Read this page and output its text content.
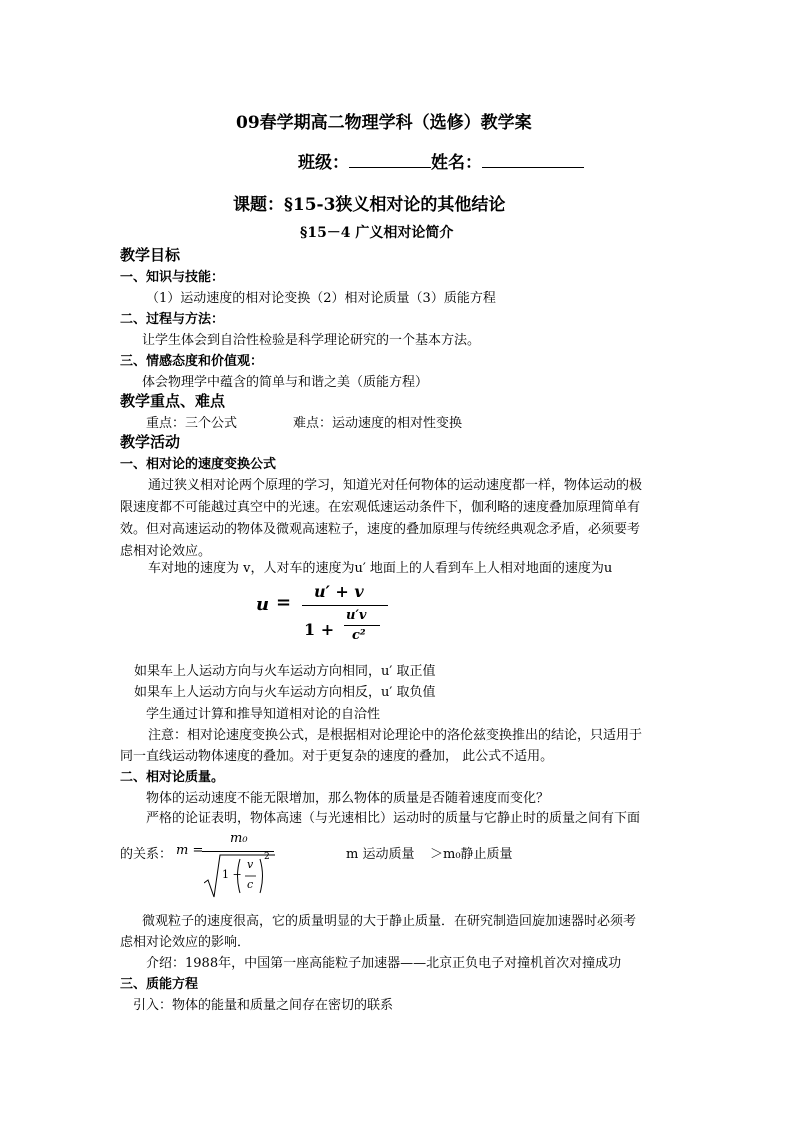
09春学期高二物理学科（选修）教学案
班级：	姓名：
课题：§15-3狭义相对论的其他结论
§15－4 广义相对论简介
教学目标
一、知识与技能：
（1）运动速度的相对论变换（2）相对论质量（3）质能方程
二、过程与方法：
让学生体会到自洽性检验是科学理论研究的一个基本方法。
三、情感态度和价值观：
体会物理学中蕴含的简单与和谐之美（质能方程）
教学重点、难点
重点：三个公式	难点：运动速度的相对性变换
教学活动
一、相对论的速度变换公式
通过狭义相对论两个原理的学习，知道光对任何物体的运动速度都一样，物体运动的极
限速度都不可能越过真空中的光速。在宏观低速运动条件下，伽利略的速度叠加原理简单有
效。但对高速运动的物体及微观高速粒子，速度的叠加原理与传统经典观念矛盾，必须要考
虑相对论效应。
车对地的速度为 v，人对车的速度为u′ 地面上的人看到车上人相对地面的速度为u
u =
u′ + v
1 +
u′v
c²
如果车上人运动方向与火车运动方向相同，u′ 取正值
如果车上人运动方向与火车运动方向相反，u′ 取负值
学生通过计算和推导知道相对论的自洽性
注意：相对论速度变换公式，是根据相对论理论中的洛伦兹变换推出的结论，只适用于
同一直线运动物体速度的叠加。对于更复杂的速度的叠加， 此公式不适用。
二、相对论质量。
物体的运动速度不能无限增加，那么物体的质量是否随着速度而变化？
严格的论证表明，物体高速（与光速相比）运动时的质量与它静止时的质量之间有下面
的关系： m =
m₀
1 −
v
c
2	m 运动质量 ＞m₀静止质量
微观粒子的速度很高，它的质量明显的大于静止质量．在研究制造回旋加速器时必须考
虑相对论效应的影响．
介绍：1988年，中国第一座高能粒子加速器——北京正负电子对撞机首次对撞成功
三、质能方程
引入：物体的能量和质量之间存在密切的联系
